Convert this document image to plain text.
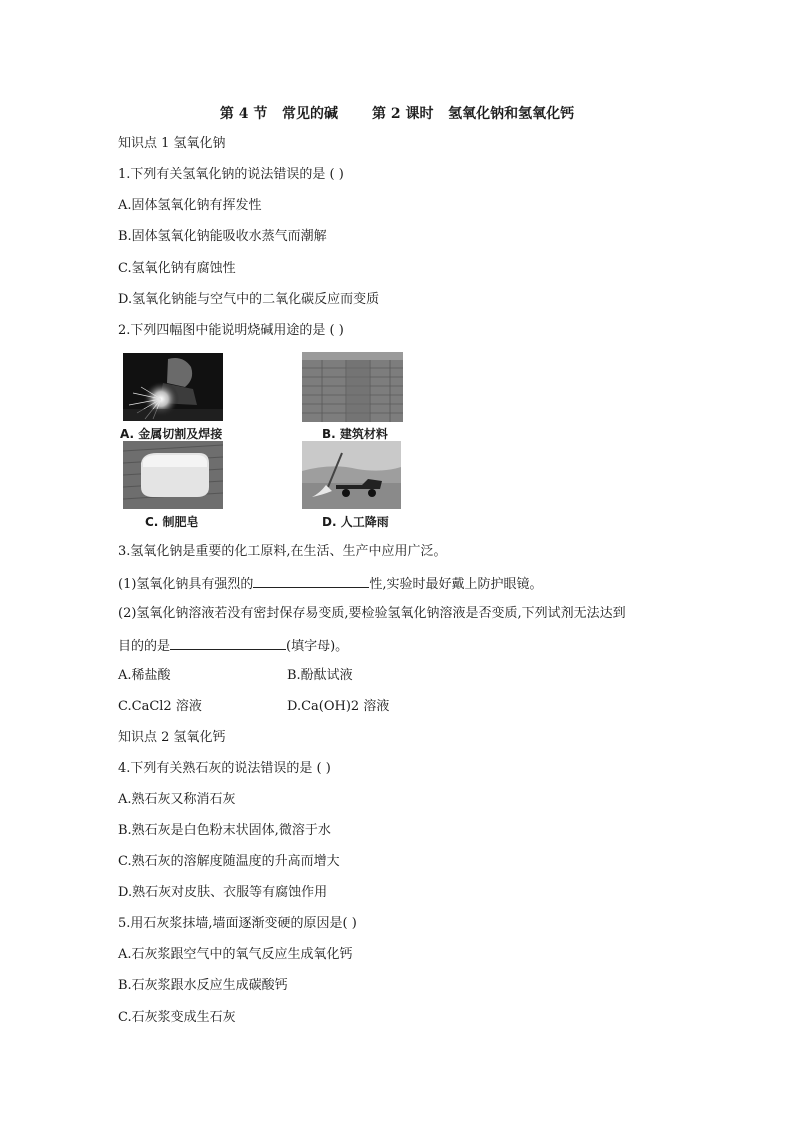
第 4 节   常见的碱       第 2 课时   氢氧化钠和氢氧化钙
知识点 1 氢氧化钠
1.下列有关氢氧化钠的说法错误的是 ( )
A.固体氢氧化钠有挥发性
B.固体氢氧化钠能吸收水蒸气而潮解
C.氢氧化钠有腐蚀性
D.氢氧化钠能与空气中的二氧化碳反应而变质
2.下列四幅图中能说明烧碱用途的是 ( )
A. 金属切割及焊接	B. 建筑材料
C. 制肥皂	D. 人工降雨
3.氢氧化钠是重要的化工原料,在生活、生产中应用广泛。
(1)氢氧化钠具有强烈的	性,实验时最好戴上防护眼镜。
(2)氢氧化钠溶液若没有密封保存易变质,要检验氢氧化钠溶液是否变质,下列试剂无法达到
目的的是	(填字母)。
A.稀盐酸	B.酚酞试液
C.CaCl2 溶液	D.Ca(OH)2 溶液
知识点 2 氢氧化钙
4.下列有关熟石灰的说法错误的是 ( )
A.熟石灰又称消石灰
B.熟石灰是白色粉末状固体,微溶于水
C.熟石灰的溶解度随温度的升高而增大
D.熟石灰对皮肤、衣服等有腐蚀作用
5.用石灰浆抹墙,墙面逐渐变硬的原因是( )
A.石灰浆跟空气中的氧气反应生成氧化钙
B.石灰浆跟水反应生成碳酸钙
C.石灰浆变成生石灰
